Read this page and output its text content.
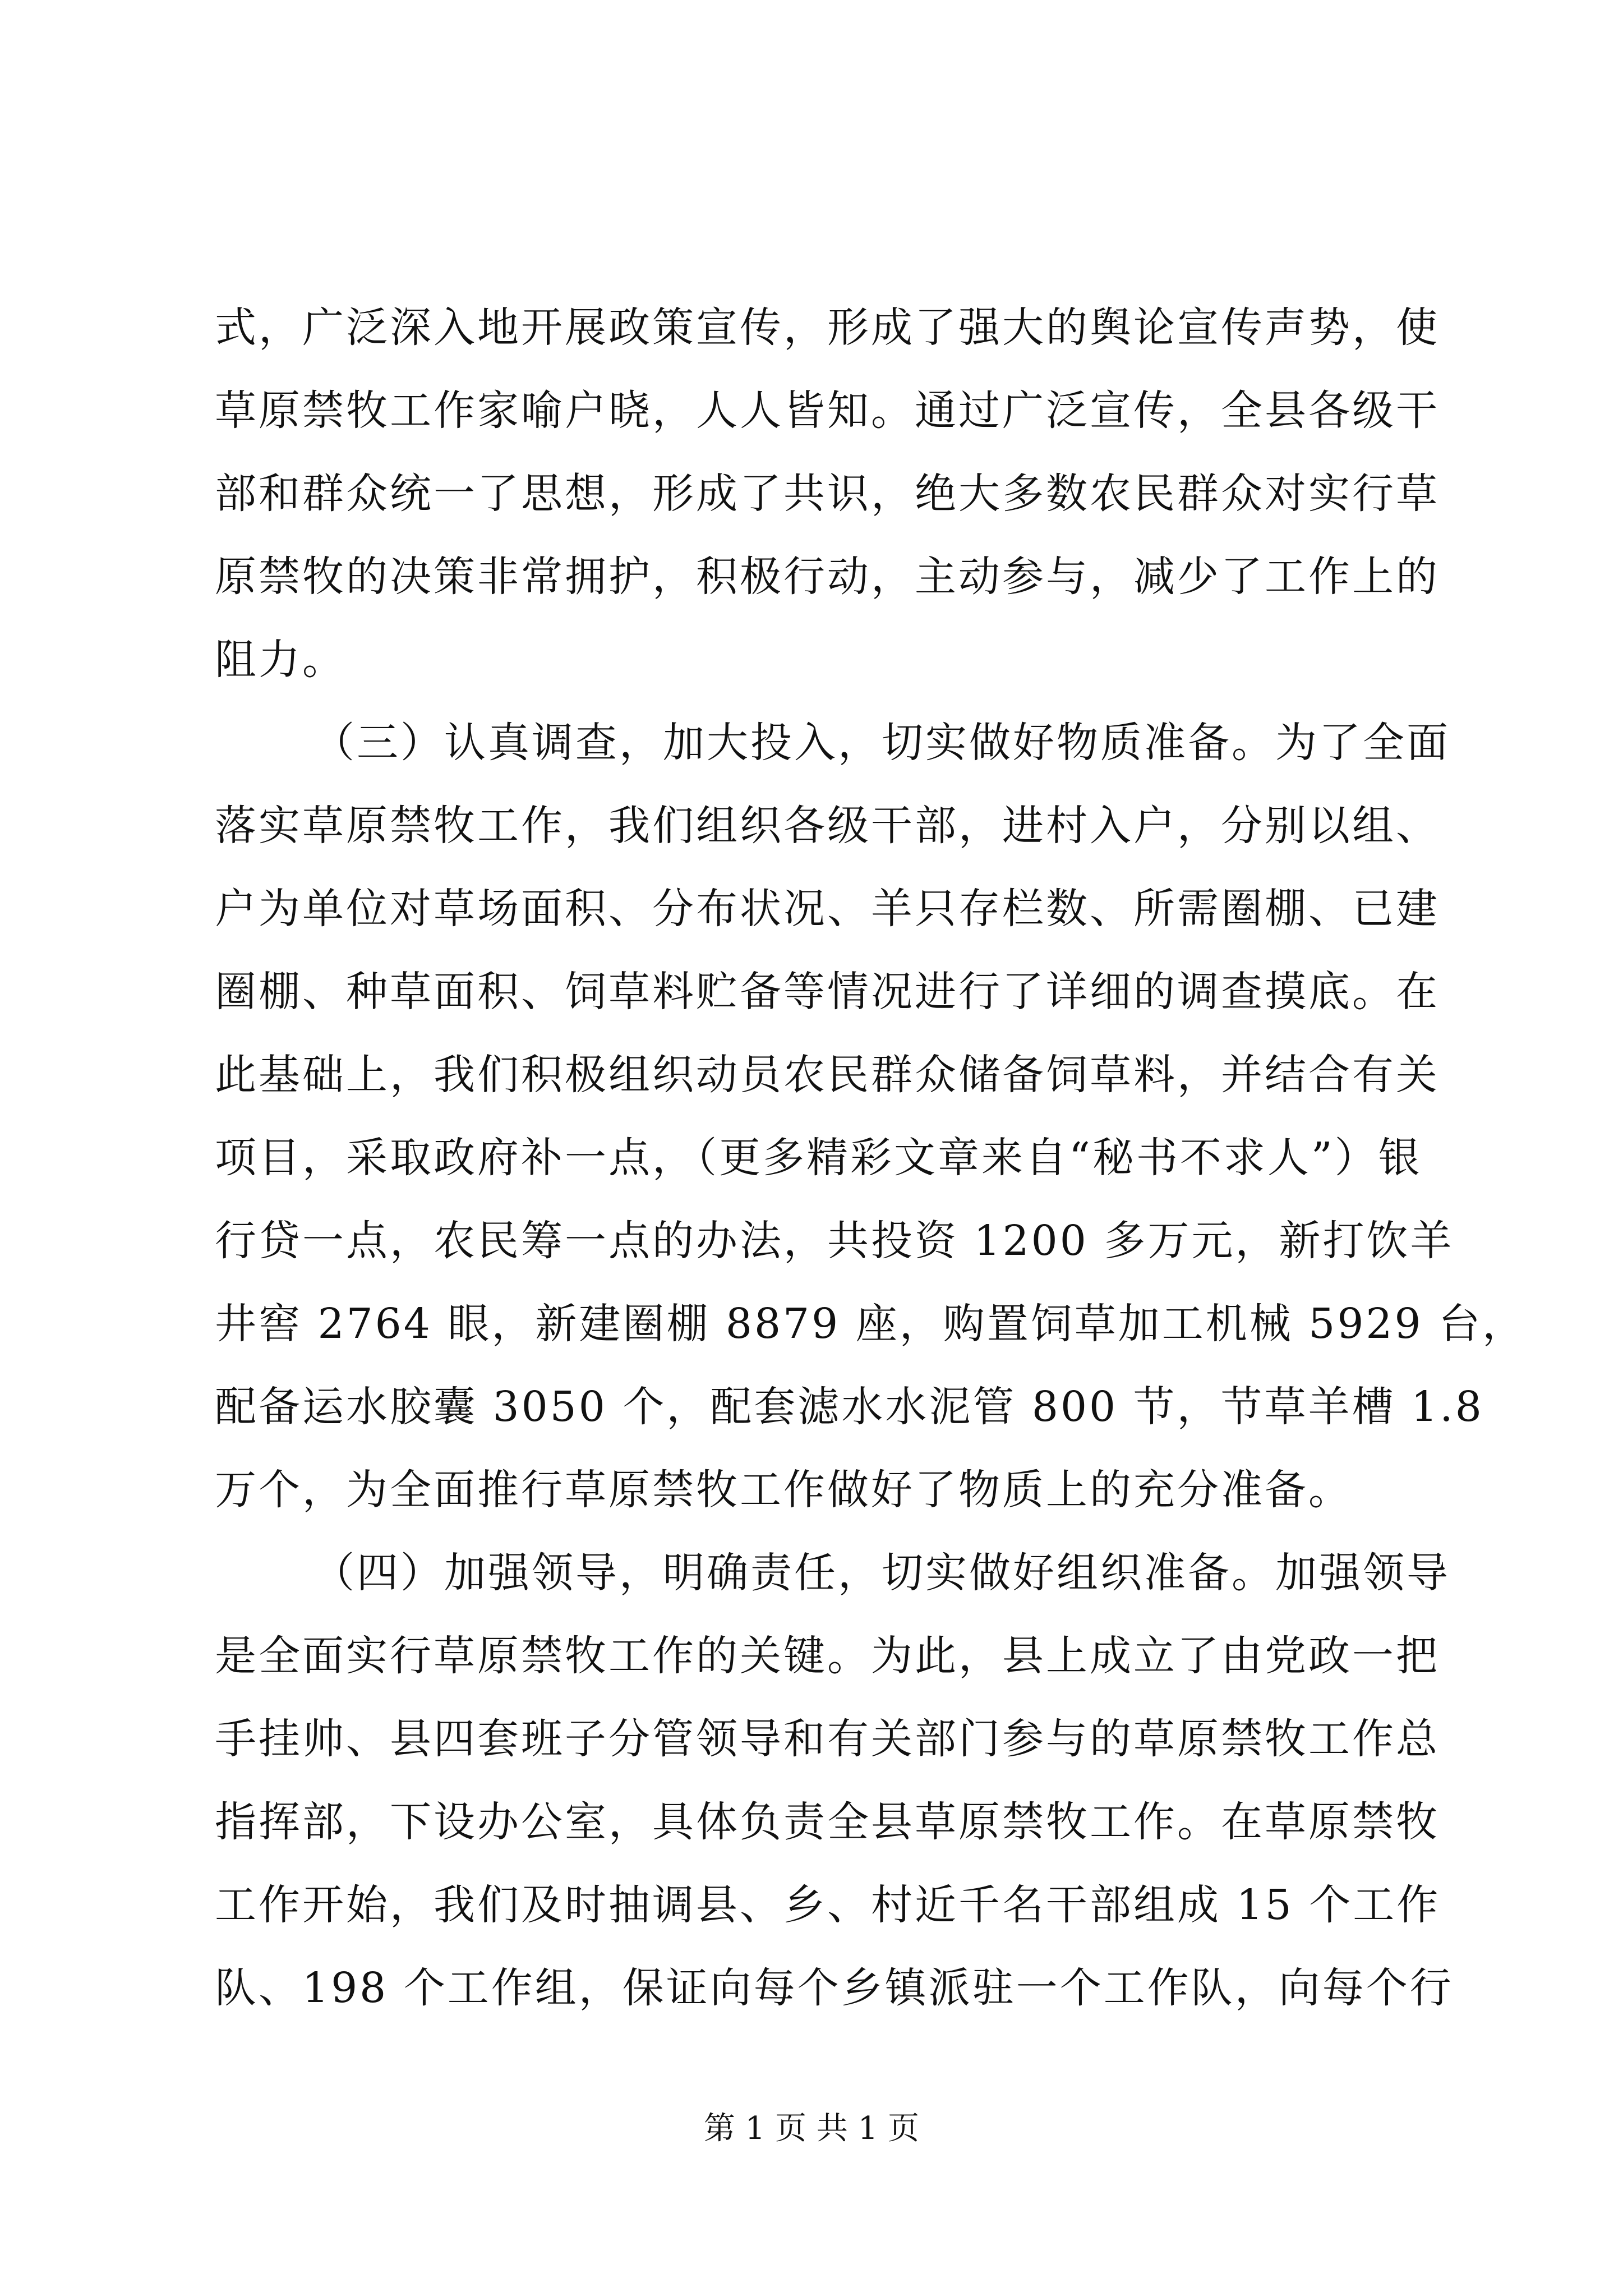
式，广泛深入地开展政策宣传，形成了强大的舆论宣传声势，使
草原禁牧工作家喻户晓，人人皆知。通过广泛宣传，全县各级干
部和群众统一了思想，形成了共识，绝大多数农民群众对实行草
原禁牧的决策非常拥护，积极行动，主动参与，减少了工作上的
阻力。
（三）认真调查，加大投入，切实做好物质准备。为了全面
落实草原禁牧工作，我们组织各级干部，进村入户，分别以组、
户为单位对草场面积、分布状况、羊只存栏数、所需圈棚、已建
圈棚、种草面积、饲草料贮备等情况进行了详细的调查摸底。在
此基础上，我们积极组织动员农民群众储备饲草料，并结合有关
项目，采取政府补一点，（更多精彩文章来自“秘书不求人”）银
行贷一点，农民筹一点的办法，共投资 1200 多万元，新打饮羊
井窖 2764 眼，新建圈棚 8879 座，购置饲草加工机械 5929 台，
配备运水胶囊 3050 个，配套滤水水泥管 800 节，节草羊槽 1.8
万个，为全面推行草原禁牧工作做好了物质上的充分准备。
（四）加强领导，明确责任，切实做好组织准备。加强领导
是全面实行草原禁牧工作的关键。为此，县上成立了由党政一把
手挂帅、县四套班子分管领导和有关部门参与的草原禁牧工作总
指挥部，下设办公室，具体负责全县草原禁牧工作。在草原禁牧
工作开始，我们及时抽调县、乡、村近千名干部组成 15 个工作
队、198 个工作组，保证向每个乡镇派驻一个工作队，向每个行
第 1 页 共 1 页
